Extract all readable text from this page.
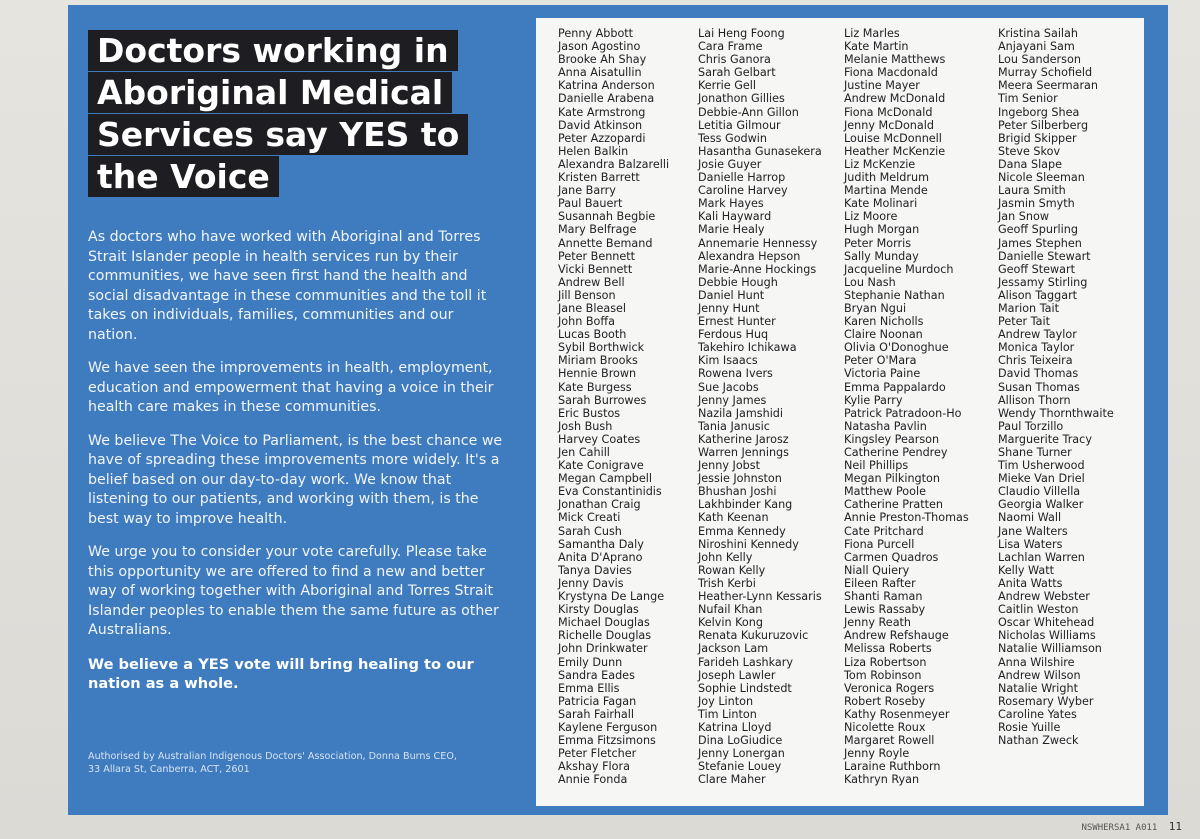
Doctors working in
Aboriginal Medical
Services say YES to
the Voice

As doctors who have worked with Aboriginal and Torres Strait Islander people in health services run by their communities, we have seen first hand the health and social disadvantage in these communities and the toll it takes on individuals, families, communities and our nation.

We have seen the improvements in health, employment, education and empowerment that having a voice in their health care makes in these communities.

We believe The Voice to Parliament, is the best chance we have of spreading these improvements more widely. It's a belief based on our day-to-day work. We know that listening to our patients, and working with them, is the best way to improve health.

We urge you to consider your vote carefully. Please take this opportunity we are offered to find a new and better way of working together with Aboriginal and Torres Strait Islander peoples to enable them the same future as other Australians.

We believe a YES vote will bring healing to our nation as a whole.

Authorised by Australian Indigenous Doctors' Association, Donna Burns CEO,
33 Allara St, Canberra, ACT, 2601
Penny Abbott
Jason Agostino
Brooke Ah Shay
Anna Aisatullin
Katrina Anderson
Danielle Arabena
Kate Armstrong
David Atkinson
Peter Azzopardi
Helen Balkin
Alexandra Balzarelli
Kristen Barrett
Jane Barry
Paul Bauert
Susannah Begbie
Mary Belfrage
Annette Bemand
Peter Bennett
Vicki Bennett
Andrew Bell
Jill Benson
Jane Bleasel
John Boffa
Lucas Booth
Sybil Borthwick
Miriam Brooks
Hennie Brown
Kate Burgess
Sarah Burrowes
Eric Bustos
Josh Bush
Harvey Coates
Jen Cahill
Kate Conigrave
Megan Campbell
Eva Constantinidis
Jonathan Craig
Mick Creati
Sarah Cush
Samantha Daly
Anita D'Aprano
Tanya Davies
Jenny Davis
Krystyna De Lange
Kirsty Douglas
Michael Douglas
Richelle Douglas
John Drinkwater
Emily Dunn
Sandra Eades
Emma Ellis
Patricia Fagan
Sarah Fairhall
Kaylene Ferguson
Emma Fitzsimons
Peter Fletcher
Akshay Flora
Annie Fonda
Lai Heng Foong
Cara Frame
Chris Ganora
Sarah Gelbart
Kerrie Gell
Jonathon Gillies
Debbie-Ann Gillon
Letitia Gilmour
Tess Godwin
Hasantha Gunasekera
Josie Guyer
Danielle Harrop
Caroline Harvey
Mark Hayes
Kali Hayward
Marie Healy
Annemarie Hennessy
Alexandra Hepson
Marie-Anne Hockings
Debbie Hough
Daniel Hunt
Jenny Hunt
Ernest Hunter
Ferdous Huq
Takehiro Ichikawa
Kim Isaacs
Rowena Ivers
Sue Jacobs
Jenny James
Nazila Jamshidi
Tania Janusic
Katherine Jarosz
Warren Jennings
Jenny Jobst
Jessie Johnston
Bhushan Joshi
Lakhbinder Kang
Kath Keenan
Emma Kennedy
Niroshini Kennedy
John Kelly
Rowan Kelly
Trish Kerbi
Heather-Lynn Kessaris
Nufail Khan
Kelvin Kong
Renata Kukuruzovic
Jackson Lam
Farideh Lashkary
Joseph Lawler
Sophie Lindstedt
Joy Linton
Tim Linton
Katrina Lloyd
Dina LoGiudice
Jenny Lonergan
Stefanie Louey
Clare Maher
Liz Marles
Kate Martin
Melanie Matthews
Fiona Macdonald
Justine Mayer
Andrew McDonald
Fiona McDonald
Jenny McDonald
Louise McDonnell
Heather McKenzie
Liz McKenzie
Judith Meldrum
Martina Mende
Kate Molinari
Liz Moore
Hugh Morgan
Peter Morris
Sally Munday
Jacqueline Murdoch
Lou Nash
Stephanie Nathan
Bryan Ngui
Karen Nicholls
Claire Noonan
Olivia O'Donoghue
Peter O'Mara
Victoria Paine
Emma Pappalardo
Kylie Parry
Patrick Patradoon-Ho
Natasha Pavlin
Kingsley Pearson
Catherine Pendrey
Neil Phillips
Megan Pilkington
Matthew Poole
Catherine Pratten
Annie Preston-Thomas
Cate Pritchard
Fiona Purcell
Carmen Quadros
Niall Quiery
Eileen Rafter
Shanti Raman
Lewis Rassaby
Jenny Reath
Andrew Refshauge
Melissa Roberts
Liza Robertson
Tom Robinson
Veronica Rogers
Robert Roseby
Kathy Rosenmeyer
Nicolette Roux
Margaret Rowell
Jenny Royle
Laraine Ruthborn
Kathryn Ryan
Kristina Sailah
Anjayani Sam
Lou Sanderson
Murray Schofield
Meera Seermaran
Tim Senior
Ingeborg Shea
Peter Silberberg
Brigid Skipper
Steve Skov
Dana Slape
Nicole Sleeman
Laura Smith
Jasmin Smyth
Jan Snow
Geoff Spurling
James Stephen
Danielle Stewart
Geoff Stewart
Jessamy Stirling
Alison Taggart
Marion Tait
Peter Tait
Andrew Taylor
Monica Taylor
Chris Teixeira
David Thomas
Susan Thomas
Allison Thorn
Wendy Thornthwaite
Paul Torzillo
Marguerite Tracy
Shane Turner
Tim Usherwood
Mieke Van Driel
Claudio Villella
Georgia Walker
Naomi Wall
Jane Walters
Lisa Waters
Lachlan Warren
Kelly Watt
Anita Watts
Andrew Webster
Caitlin Weston
Oscar Whitehead
Nicholas Williams
Natalie Williamson
Anna Wilshire
Andrew Wilson
Natalie Wright
Rosemary Wyber
Caroline Yates
Rosie Yuille
Nathan Zweck
NSWHERSA1 A011 11
